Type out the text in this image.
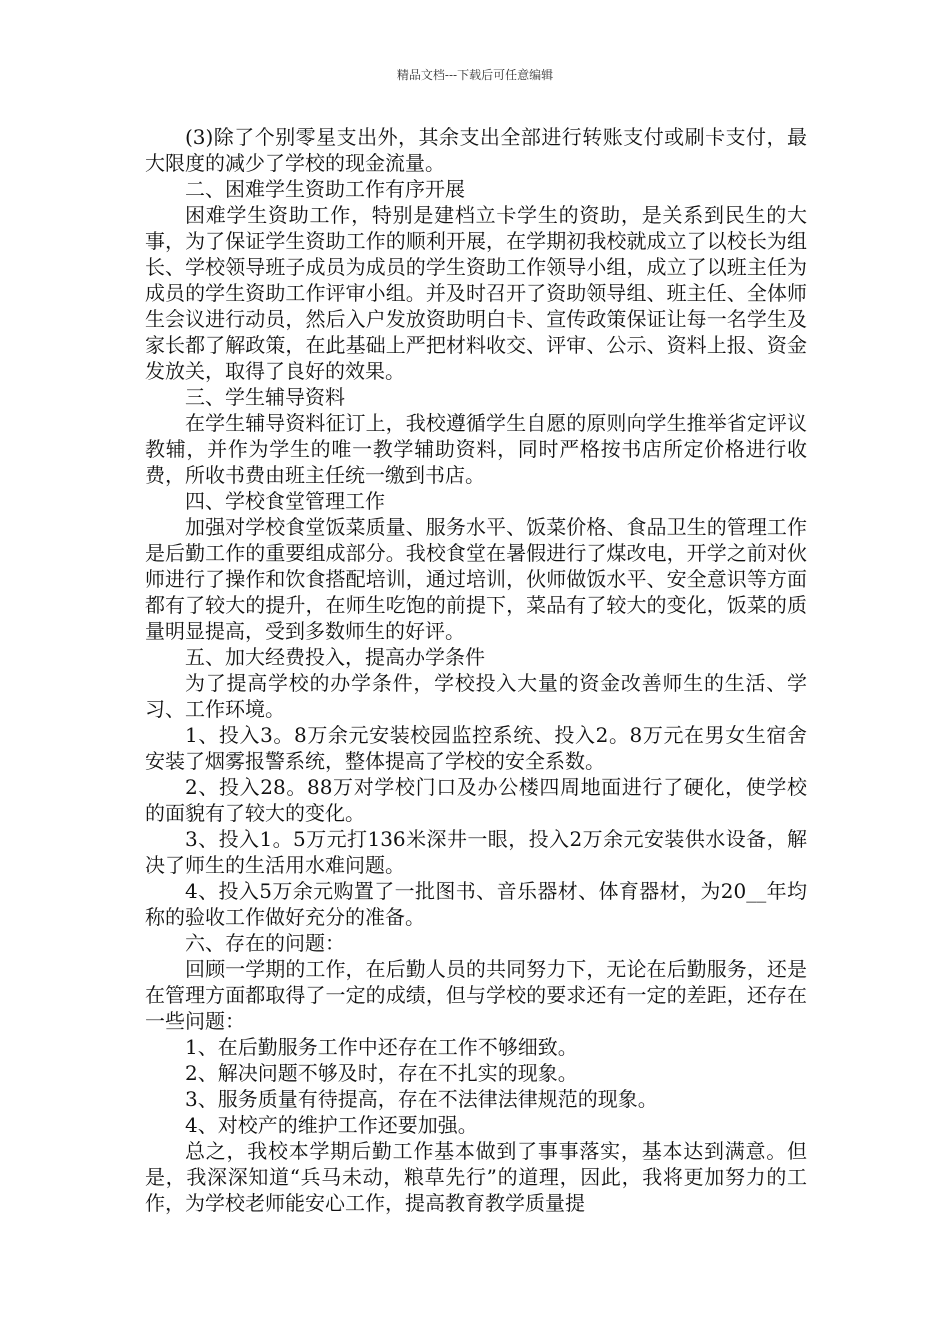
精品文档---下载后可任意编辑

(3)除了个别零星支出外，其余支出全部进行转账支付或刷卡支付，最大限度的减少了学校的现金流量。

二、困难学生资助工作有序开展

困难学生资助工作，特别是建档立卡学生的资助，是关系到民生的大事，为了保证学生资助工作的顺利开展，在学期初我校就成立了以校长为组长、学校领导班子成员为成员的学生资助工作领导小组，成立了以班主任为成员的学生资助工作评审小组。并及时召开了资助领导组、班主任、全体师生会议进行动员，然后入户发放资助明白卡、宣传政策保证让每一名学生及家长都了解政策，在此基础上严把材料收交、评审、公示、资料上报、资金发放关，取得了良好的效果。

三、学生辅导资料

在学生辅导资料征订上，我校遵循学生自愿的原则向学生推举省定评议教辅，并作为学生的唯一教学辅助资料，同时严格按书店所定价格进行收费，所收书费由班主任统一缴到书店。

四、学校食堂管理工作

加强对学校食堂饭菜质量、服务水平、饭菜价格、食品卫生的管理工作是后勤工作的重要组成部分。我校食堂在暑假进行了煤改电，开学之前对伙师进行了操作和饮食搭配培训，通过培训，伙师做饭水平、安全意识等方面都有了较大的提升，在师生吃饱的前提下，菜品有了较大的变化，饭菜的质量明显提高，受到多数师生的好评。

五、加大经费投入，提高办学条件

为了提高学校的办学条件，学校投入大量的资金改善师生的生活、学习、工作环境。

1、投入3。8万余元安装校园监控系统、投入2。8万元在男女生宿舍安装了烟雾报警系统，整体提高了学校的安全系数。

2、投入28。88万对学校门口及办公楼四周地面进行了硬化，使学校的面貌有了较大的变化。

3、投入1。5万元打136米深井一眼，投入2万余元安装供水设备，解决了师生的生活用水难问题。

4、投入5万余元购置了一批图书、音乐器材、体育器材，为20__年均称的验收工作做好充分的准备。

六、存在的问题：

回顾一学期的工作，在后勤人员的共同努力下，无论在后勤服务，还是在管理方面都取得了一定的成绩，但与学校的要求还有一定的差距，还存在一些问题：

1、在后勤服务工作中还存在工作不够细致。

2、解决问题不够及时，存在不扎实的现象。

3、服务质量有待提高，存在不法律法律规范的现象。

4、对校产的维护工作还要加强。

总之，我校本学期后勤工作基本做到了事事落实，基本达到满意。但是，我深深知道“兵马未动，粮草先行”的道理，因此，我将更加努力的工作，为学校老师能安心工作，提高教育教学质量提
